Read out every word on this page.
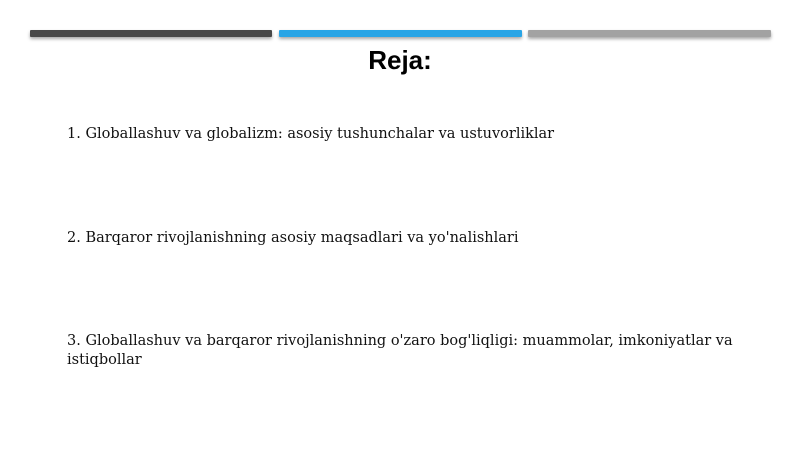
Reja:

1. Globallashuv va globalizm: asosiy tushunchalar va ustuvorliklar

2. Barqaror rivojlanishning asosiy maqsadlari va yo'nalishlari

3. Globallashuv va barqaror rivojlanishning o'zaro bog'liqligi: muammolar, imkoniyatlar va istiqbollar
